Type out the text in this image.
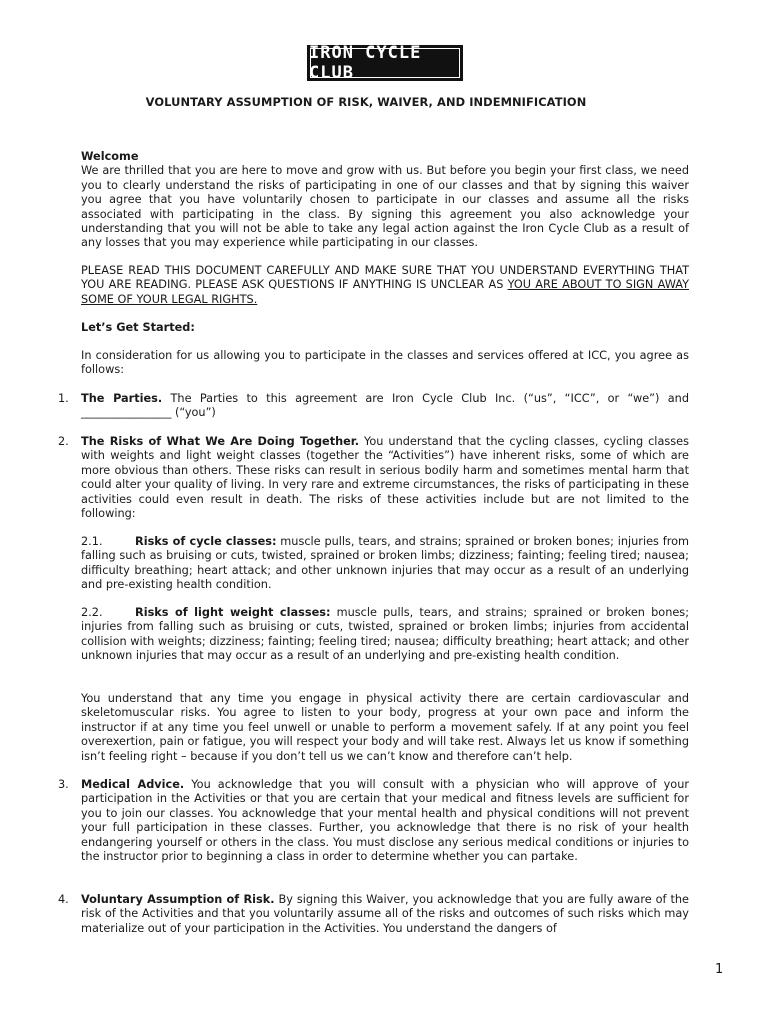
IRON CYCLE CLUB
VOLUNTARY ASSUMPTION OF RISK, WAIVER, AND INDEMNIFICATION
Welcome
We are thrilled that you are here to move and grow with us. But before you begin your first class, we need you to clearly understand the risks of participating in one of our classes and that by signing this waiver you agree that you have voluntarily chosen to participate in our classes and assume all the risks associated with participating in the class. By signing this agreement you also acknowledge your understanding that you will not be able to take any legal action against the Iron Cycle Club as a result of any losses that you may experience while participating in our classes.
PLEASE READ THIS DOCUMENT CAREFULLY AND MAKE SURE THAT YOU UNDERSTAND EVERYTHING THAT YOU ARE READING. PLEASE ASK QUESTIONS IF ANYTHING IS UNCLEAR AS YOU ARE ABOUT TO SIGN AWAY SOME OF YOUR LEGAL RIGHTS.
Let’s Get Started:
In consideration for us allowing you to participate in the classes and services offered at ICC, you agree as follows:
1. The Parties. The Parties to this agreement are Iron Cycle Club Inc. (“us”, “ICC”, or “we”) and ________________ (“you”)
2. The Risks of What We Are Doing Together. You understand that the cycling classes, cycling classes with weights and light weight classes (together the “Activities”) have inherent risks, some of which are more obvious than others. These risks can result in serious bodily harm and sometimes mental harm that could alter your quality of living. In very rare and extreme circumstances, the risks of participating in these activities could even result in death. The risks of these activities include but are not limited to the following:
2.1.	Risks of cycle classes: muscle pulls, tears, and strains; sprained or broken bones; injuries from falling such as bruising or cuts, twisted, sprained or broken limbs; dizziness; fainting; feeling tired; nausea; difficulty breathing; heart attack; and other unknown injuries that may occur as a result of an underlying and pre-existing health condition.
2.2.	Risks of light weight classes: muscle pulls, tears, and strains; sprained or broken bones; injuries from falling such as bruising or cuts, twisted, sprained or broken limbs; injuries from accidental collision with weights; dizziness; fainting; feeling tired; nausea; difficulty breathing; heart attack; and other unknown injuries that may occur as a result of an underlying and pre-existing health condition.
You understand that any time you engage in physical activity there are certain cardiovascular and skeletomuscular risks. You agree to listen to your body, progress at your own pace and inform the instructor if at any time you feel unwell or unable to perform a movement safely. If at any point you feel overexertion, pain or fatigue, you will respect your body and will take rest. Always let us know if something isn’t feeling right – because if you don’t tell us we can’t know and therefore can’t help.
3. Medical Advice. You acknowledge that you will consult with a physician who will approve of your participation in the Activities or that you are certain that your medical and fitness levels are sufficient for you to join our classes. You acknowledge that your mental health and physical conditions will not prevent your full participation in these classes. Further, you acknowledge that there is no risk of your health endangering yourself or others in the class. You must disclose any serious medical conditions or injuries to the instructor prior to beginning a class in order to determine whether you can partake.
4. Voluntary Assumption of Risk. By signing this Waiver, you acknowledge that you are fully aware of the risk of the Activities and that you voluntarily assume all of the risks and outcomes of such risks which may materialize out of your participation in the Activities. You understand the dangers of
1
